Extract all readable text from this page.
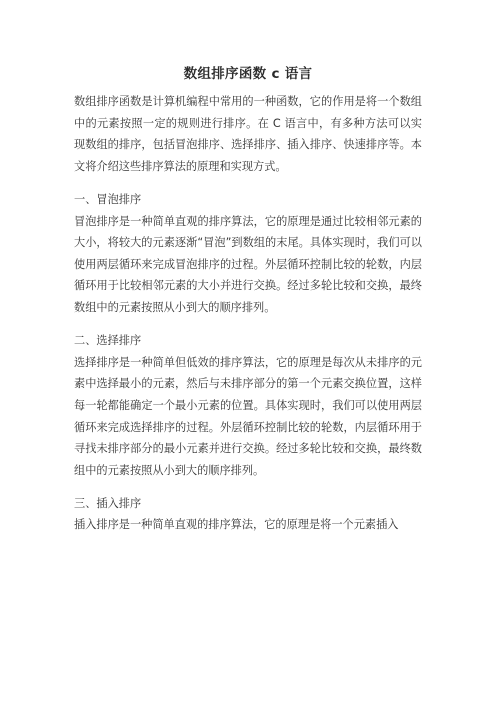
数组排序函数 c 语言

数组排序函数是计算机编程中常用的一种函数，它的作用是将一个数组中的元素按照一定的规则进行排序。在 C 语言中，有多种方法可以实现数组的排序，包括冒泡排序、选择排序、插入排序、快速排序等。本文将介绍这些排序算法的原理和实现方式。

一、冒泡排序

冒泡排序是一种简单直观的排序算法，它的原理是通过比较相邻元素的大小，将较大的元素逐渐“冒泡”到数组的末尾。具体实现时，我们可以使用两层循环来完成冒泡排序的过程。外层循环控制比较的轮数，内层循环用于比较相邻元素的大小并进行交换。经过多轮比较和交换，最终数组中的元素按照从小到大的顺序排列。

二、选择排序

选择排序是一种简单但低效的排序算法，它的原理是每次从未排序的元素中选择最小的元素，然后与未排序部分的第一个元素交换位置，这样每一轮都能确定一个最小元素的位置。具体实现时，我们可以使用两层循环来完成选择排序的过程。外层循环控制比较的轮数，内层循环用于寻找未排序部分的最小元素并进行交换。经过多轮比较和交换，最终数组中的元素按照从小到大的顺序排列。

三、插入排序

插入排序是一种简单直观的排序算法，它的原理是将一个元素插入
